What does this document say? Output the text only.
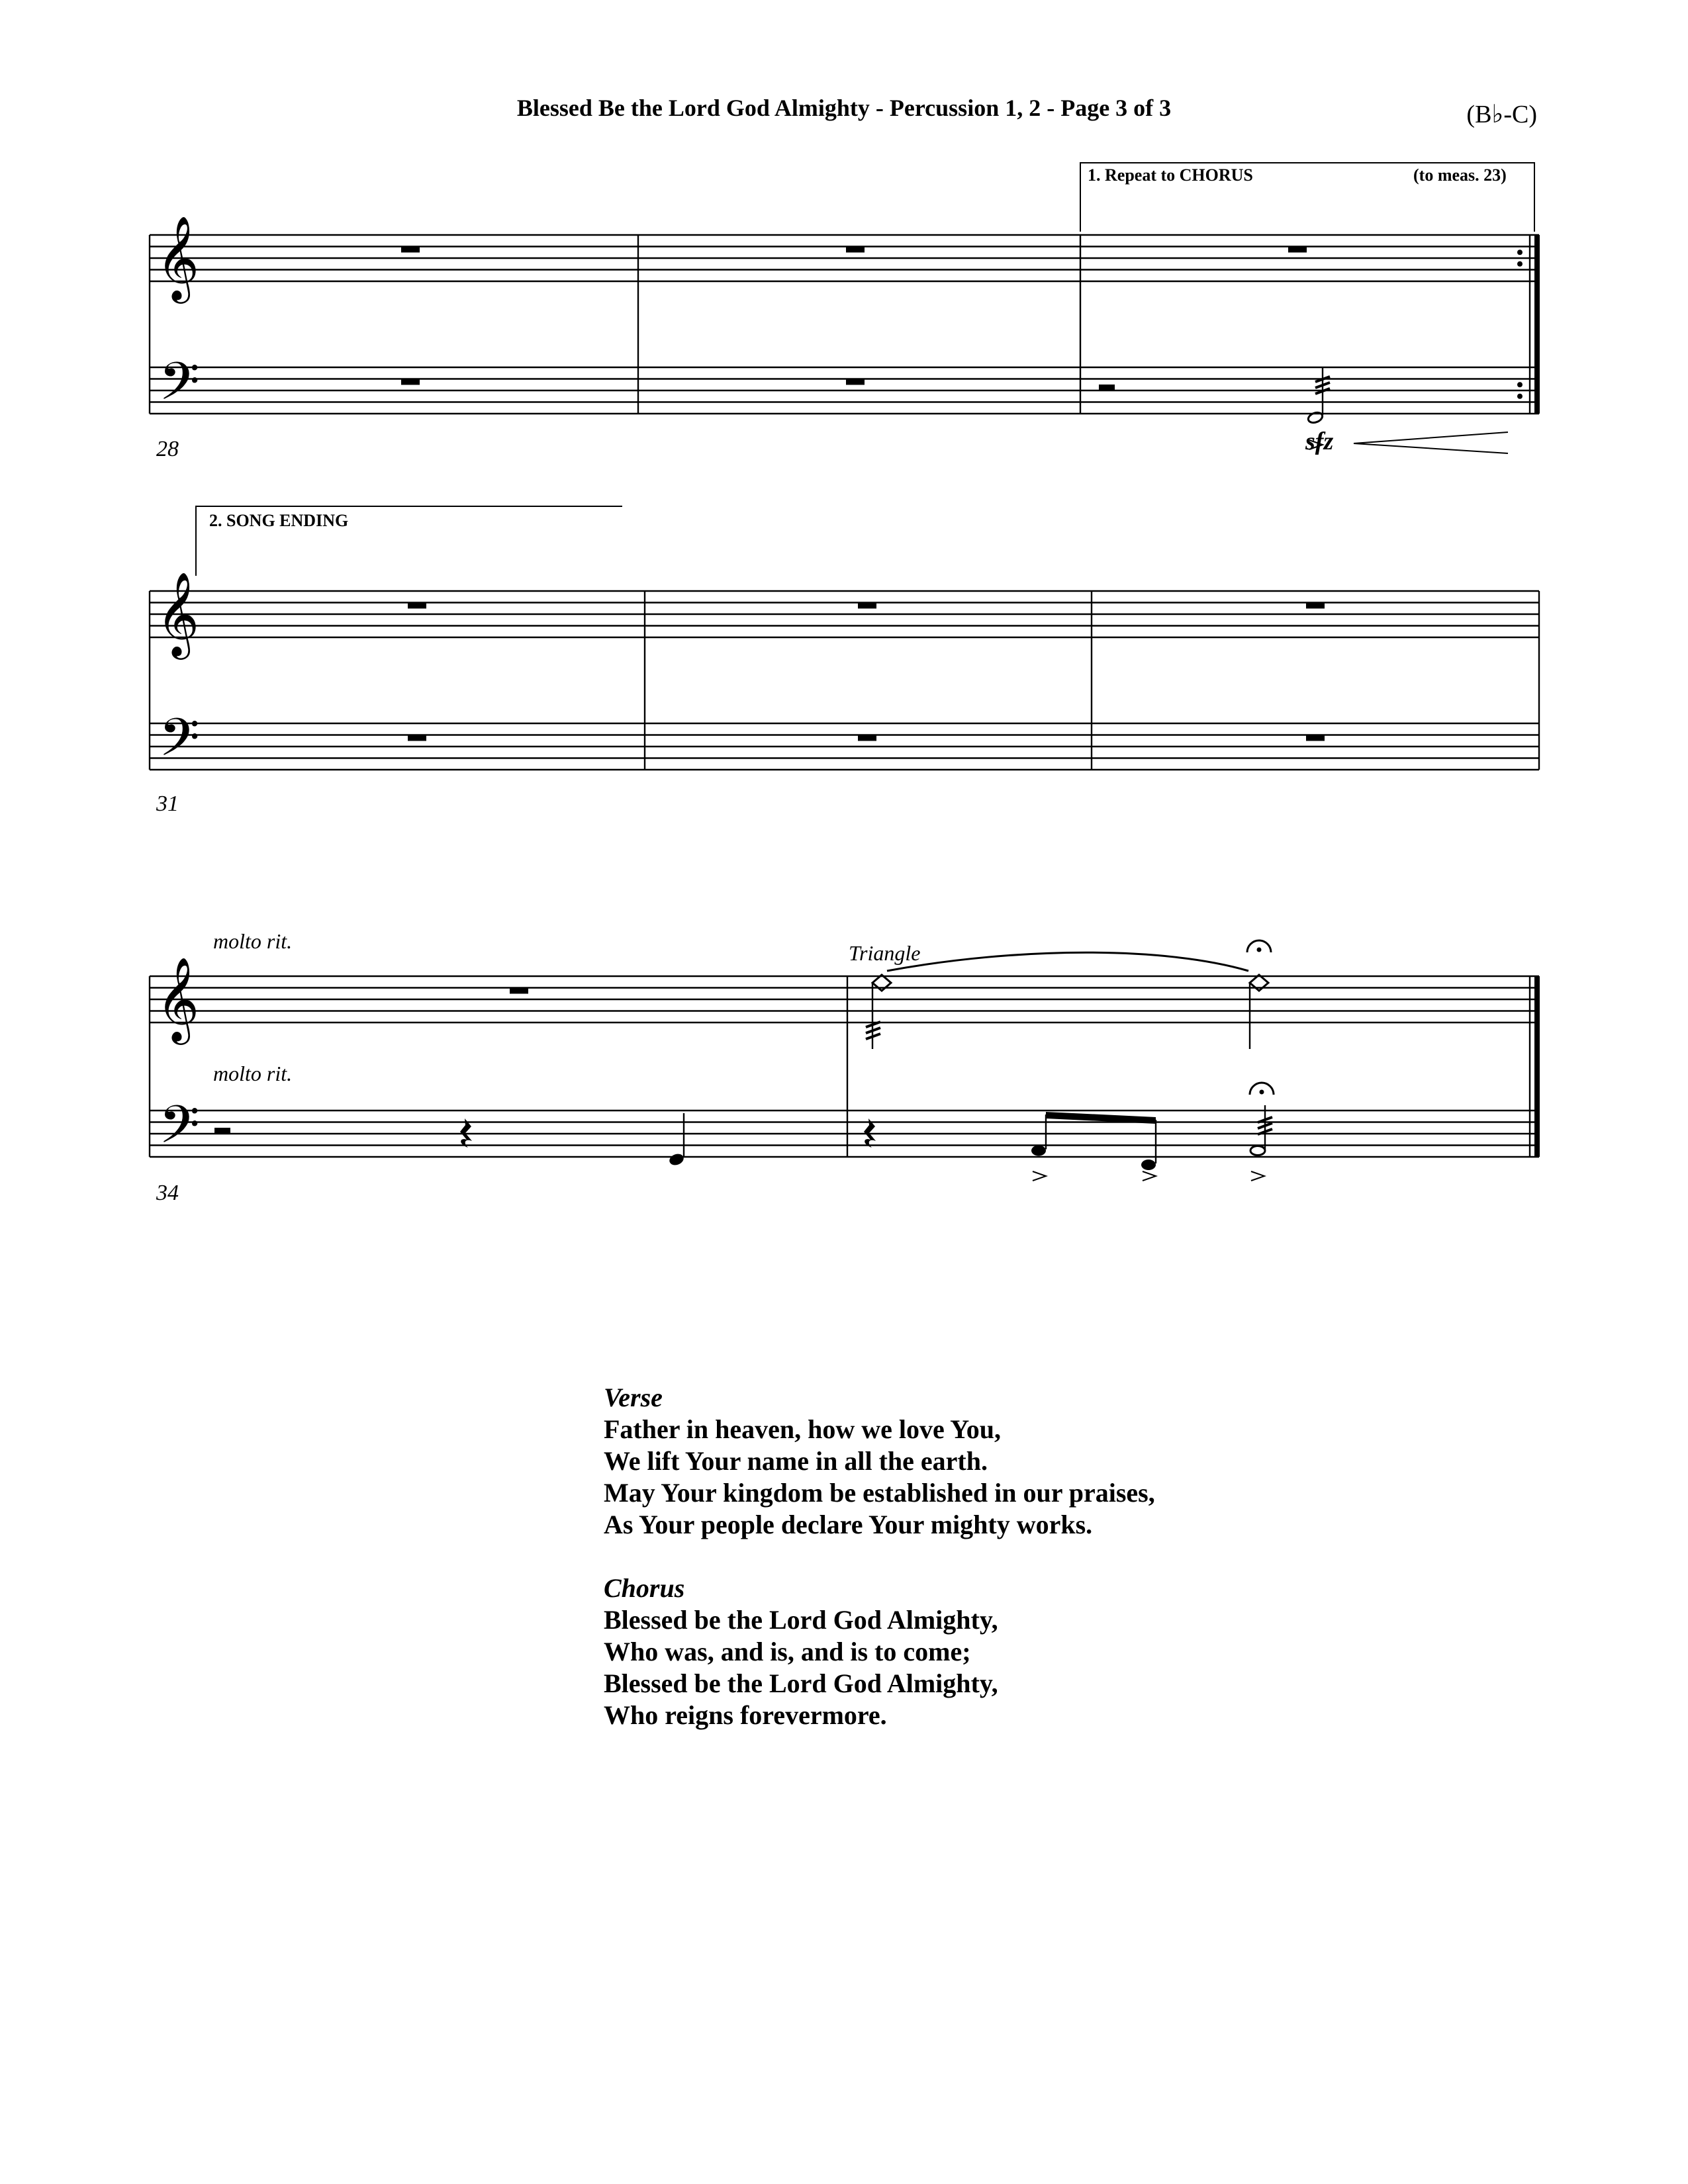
Blessed Be the Lord God Almighty - Percussion 1, 2 - Page 3 of 3	(B♭-C)
𝄞
𝄢
𝄞
𝄢
𝄞
𝄢
28
1. Repeat to CHORUS	(to meas. 23)
sfz
31
2. SONG ENDING
34
molto rit.
molto rit.
Triangle
Verse
Father in heaven, how we love You,
We lift Your name in all the earth.
May Your kingdom be established in our praises,
As Your people declare Your mighty works.
Chorus
Blessed be the Lord God Almighty,
Who was, and is, and is to come;
Blessed be the Lord God Almighty,
Who reigns forevermore.
